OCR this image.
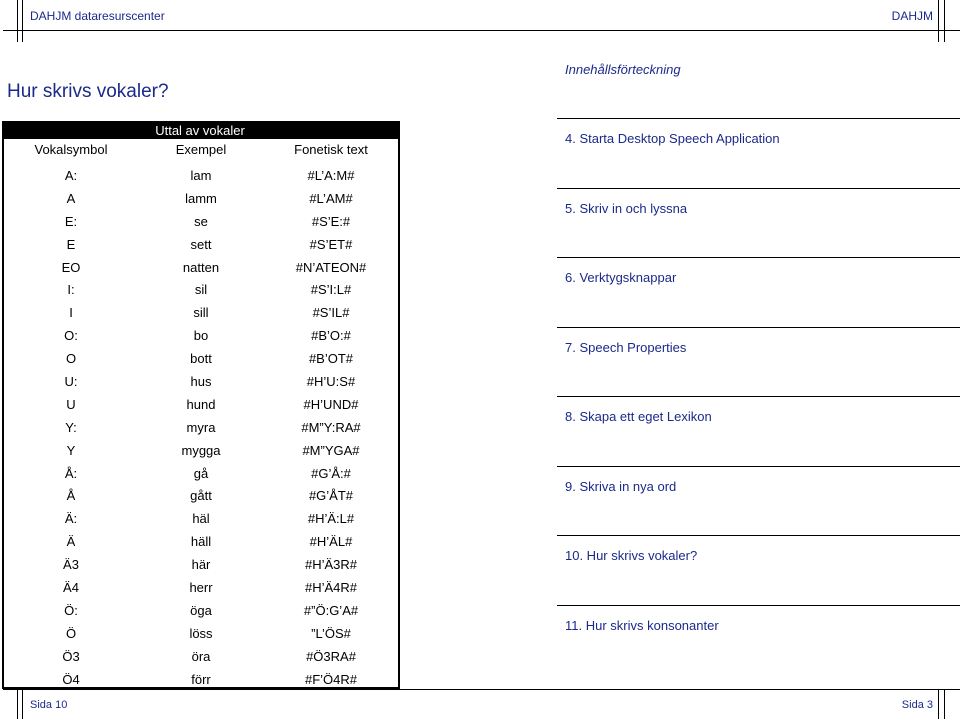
DAHJM dataresurscenter	DAHJM
Hur skrivs vokaler?
Uttal av vokaler
Vokalsymbol	Exempel	Fonetisk text
A:	lam	#L’A:M#
A	lamm	#L’AM#
E:	se	#S’E:#
E	sett	#S’ET#
EO	natten	#N’ATEON#
I:	sil	#S’I:L#
I	sill	#S’IL#
O:	bo	#B’O:#
O	bott	#B’OT#
U:	hus	#H’U:S#
U	hund	#H’UND#
Y:	myra	#M”Y:RA#
Y	mygga	#M”YGA#
Å:	gå	#G’Å:#
Å	gått	#G’ÅT#
Ä:	häl	#H’Ä:L#
Ä	häll	#H’ÄL#
Ä3	här	#H’Ä3R#
Ä4	herr	#H’Ä4R#
Ö:	öga	#”Ö:G’A#
Ö	löss	”L’ÖS#
Ö3	öra	#Ö3RA#
Ö4	förr	#F’Ö4R#
Innehållsförteckning
4. Starta Desktop Speech Application
5. Skriv in och lyssna
6. Verktygsknappar
7. Speech Properties
8. Skapa ett eget Lexikon
9. Skriva in nya ord
10. Hur skrivs vokaler?
11. Hur skrivs konsonanter
Sida 10	Sida 3
